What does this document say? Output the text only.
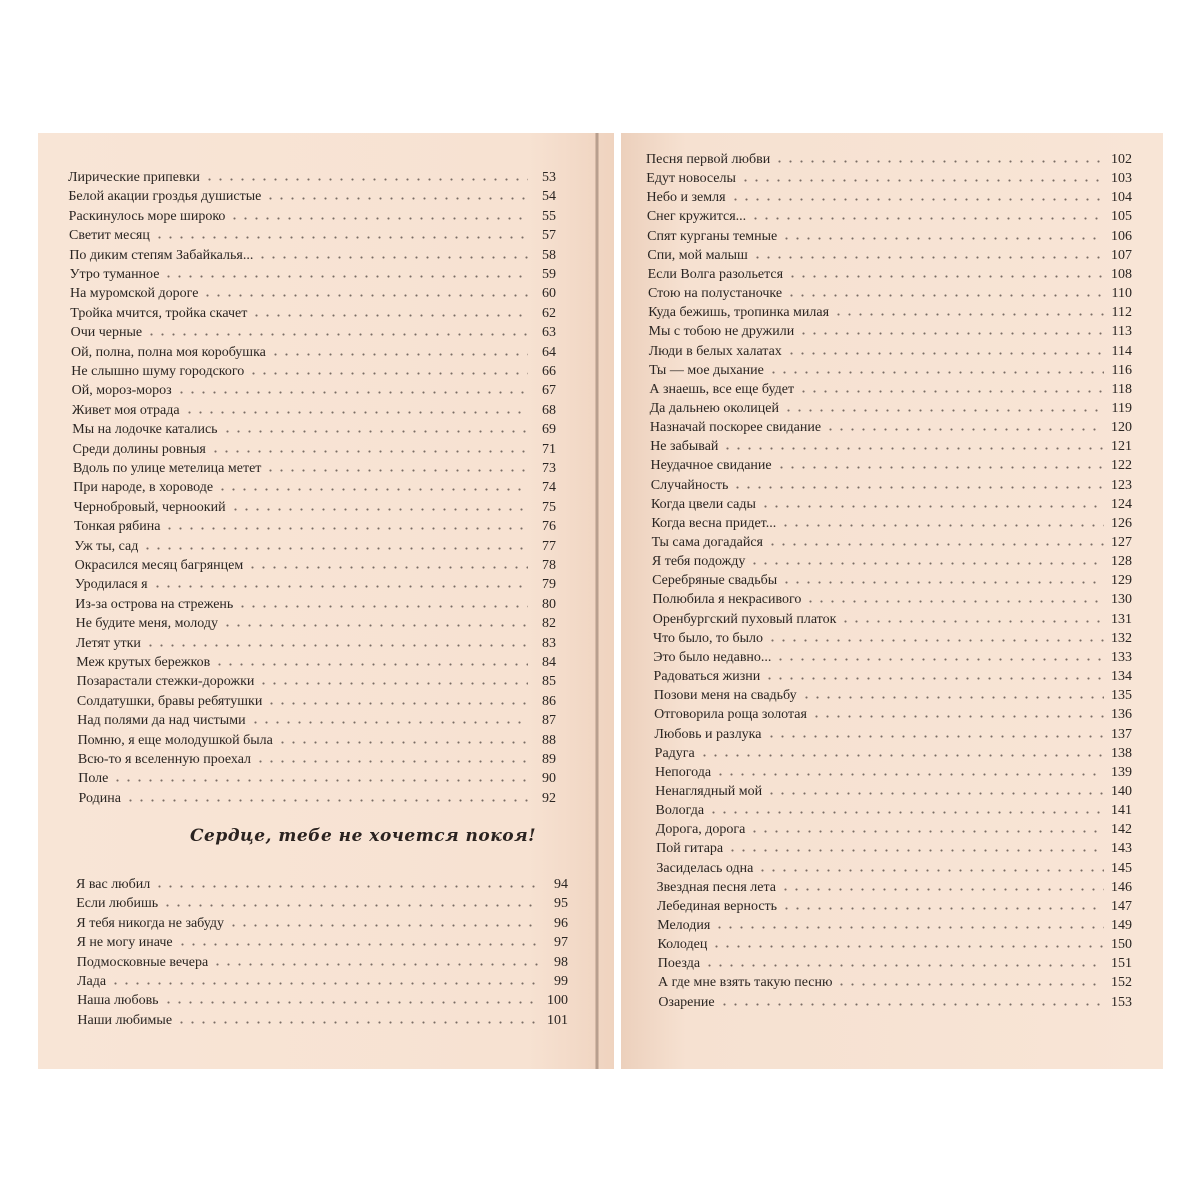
Лирические припевки	53
Белой акации гроздья душистые	54
Раскинулось море широко	55
Светит месяц	57
По диким степям Забайкалья...	58
Утро туманное	59
На муромской дороге	60
Тройка мчится, тройка скачет	62
Очи черные	63
Ой, полна, полна моя коробушка	64
Не слышно шуму городского	66
Ой, мороз-мороз	67
Живет моя отрада	68
Мы на лодочке катались	69
Среди долины ровныя	71
Вдоль по улице метелица метет	73
При народе, в хороводе	74
Чернобровый, черноокий	75
Тонкая рябина	76
Уж ты, сад	77
Окрасился месяц багрянцем	78
Уродилася я	79
Из-за острова на стрежень	80
Не будите меня, молоду	82
Летят утки	83
Меж крутых бережков	84
Позарастали стежки-дорожки	85
Солдатушки, бравы ребятушки	86
Над полями да над чистыми	87
Помню, я еще молодушкой была	88
Всю-то я вселенную проехал	89
Поле	90
Родина	92
Сердце, тебе не хочется покоя!
Я вас любил	94
Если любишь	95
Я тебя никогда не забуду	96
Я не могу иначе	97
Подмосковные вечера	98
Лада	99
Наша любовь	100
Наши любимые	101
Песня первой любви	102
Едут новоселы	103
Небо и земля	104
Снег кружится...	105
Спят курганы темные	106
Спи, мой малыш	107
Если Волга разольется	108
Стою на полустаночке	110
Куда бежишь, тропинка милая	112
Мы с тобою не дружили	113
Люди в белых халатах	114
Ты — мое дыхание	116
А знаешь, все еще будет	118
Да дальнею околицей	119
Назначай поскорее свидание	120
Не забывай	121
Неудачное свидание	122
Случайность	123
Когда цвели сады	124
Когда весна придет...	126
Ты сама догадайся	127
Я тебя подожду	128
Серебряные свадьбы	129
Полюбила я некрасивого	130
Оренбургский пуховый платок	131
Что было, то было	132
Это было недавно...	133
Радоваться жизни	134
Позови меня на свадьбу	135
Отговорила роща золотая	136
Любовь и разлука	137
Радуга	138
Непогода	139
Ненаглядный мой	140
Вологда	141
Дорога, дорога	142
Пой гитара	143
Засиделась одна	145
Звездная песня лета	146
Лебединая верность	147
Мелодия	149
Колодец	150
Поезда	151
А где мне взять такую песню	152
Озарение	153
